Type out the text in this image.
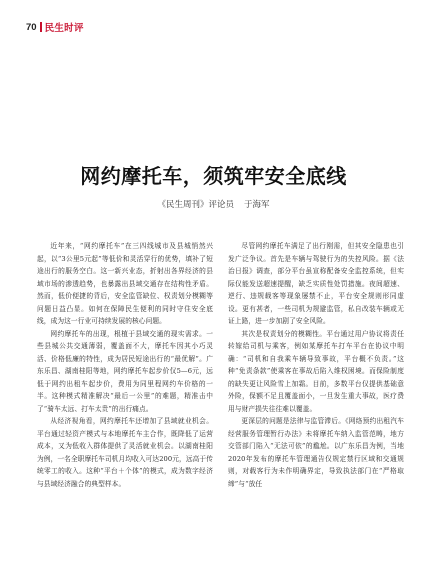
70 民生时评
网约摩托车，须筑牢安全底线
《民生周刊》评论员 于海军

近年来，“网约摩托车”在三四线城市及县城悄然兴起，以“3公里5元起”等低价和灵活穿行的优势，填补了短途出行的服务空白。这一新兴业态，折射出各界经济的县域市场的渗透趋势，也暴露出县域交通存在结构性矛盾。然而，低价便捷的背后，安全监管缺位、权责划分模糊等问题日益凸显。如何在保障民生便利的同时守住安全底线，成为这一行业可持续发展的核心问题。

网约摩托车的出现，根植于县域交通的现实需求。一些县城公共交通薄弱，覆盖面不大，摩托车因其小巧灵活、价格低廉的特性，成为居民短途出行的“最优解”。广东乐昌、湖南桂阳等地，网约摩托车起步价仅5—6元，远低于网约出租车起步价，费用为同里程网约车价格的一半。这种模式精准解决“最后一公里”的难题，精准击中了“骑车太远、打车太贵”的出行痛点。

从经济视角看，网约摩托车还增加了县域就业机会。平台通过轻资产模式与本地摩托车主合作，既降低了运营成本，又为低收入群体提供了灵活就业机会。以湖南桂阳为例，一名全职摩托车司机月均收入可达200元，远高于传统零工的收入。这种“平台＋个体”的模式，成为数字经济与县域经济融合的典型样本。

尽管网约摩托车满足了出行刚需，但其安全隐患也引发广泛争议。首先是车辆与驾驶行为的失控风险。据《法治日报》调查，部分平台虽宣称配备安全监控系统，但实际仅能发送超速提醒，缺乏实质性处罚措施。夜间超速、逆行、违规载客等现象屡禁不止，平台安全规则形同虚设。更有甚者，一些司机为规避监管，私自改装车辆或无证上路，进一步加剧了安全风险。

其次是权责划分的模糊性。平台通过用户协议将责任转嫁给司机与乘客，例如某摩托车打车平台在协议中明确：“司机和自我乘车辆导致事故，平台概不负责。”这种“免责条款”使乘客在事故后陷入维权困境。而保险制度的缺失更让风险雪上加霜。目前，多数平台仅提供基础意外险，保额不足且覆盖面小，一旦发生重大事故，医疗费用与财产损失往往难以覆盖。

更深层的问题是法律与监管滞后。《网络预约出租汽车经营服务管理暂行办法》未将摩托车纳入监管范畴，地方交管部门陷入“无法可依”的尴尬。以广东乐昌为例，当地2020年发布的摩托车管理通告仅规定禁行区域和交通规则，对载客行为未作明确界定，导致执法部门在“严格取缔”与“放任
